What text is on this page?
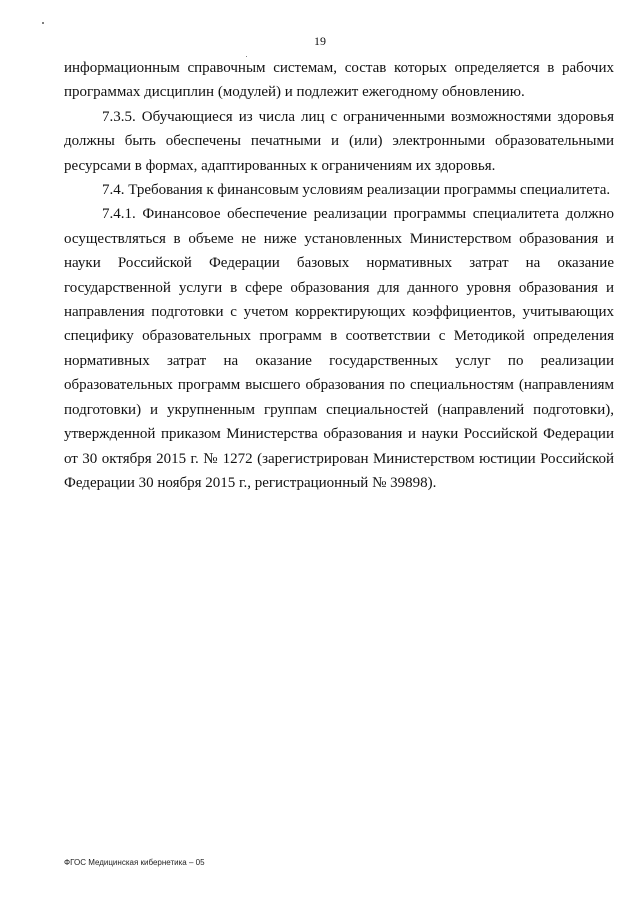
19

информационным справочным системам, состав которых определяется в рабочих программах дисциплин (модулей) и подлежит ежегодному обновлению.

7.3.5. Обучающиеся из числа лиц с ограниченными возможностями здоровья должны быть обеспечены печатными и (или) электронными образовательными ресурсами в формах, адаптированных к ограничениям их здоровья.

7.4. Требования к финансовым условиям реализации программы специалитета.

7.4.1. Финансовое обеспечение реализации программы специалитета должно осуществляться в объеме не ниже установленных Министерством образования и науки Российской Федерации базовых нормативных затрат на оказание государственной услуги в сфере образования для данного уровня образования и направления подготовки с учетом корректирующих коэффициентов, учитывающих специфику образовательных программ в соответствии с Методикой определения нормативных затрат на оказание государственных услуг по реализации образовательных программ высшего образования по специальностям (направлениям подготовки) и укрупненным группам специальностей (направлений подготовки), утвержденной приказом Министерства образования и науки Российской Федерации от 30 октября 2015 г. № 1272 (зарегистрирован Министерством юстиции Российской Федерации 30 ноября 2015 г., регистрационный № 39898).

ФГОС Медицинская кибернетика – 05
